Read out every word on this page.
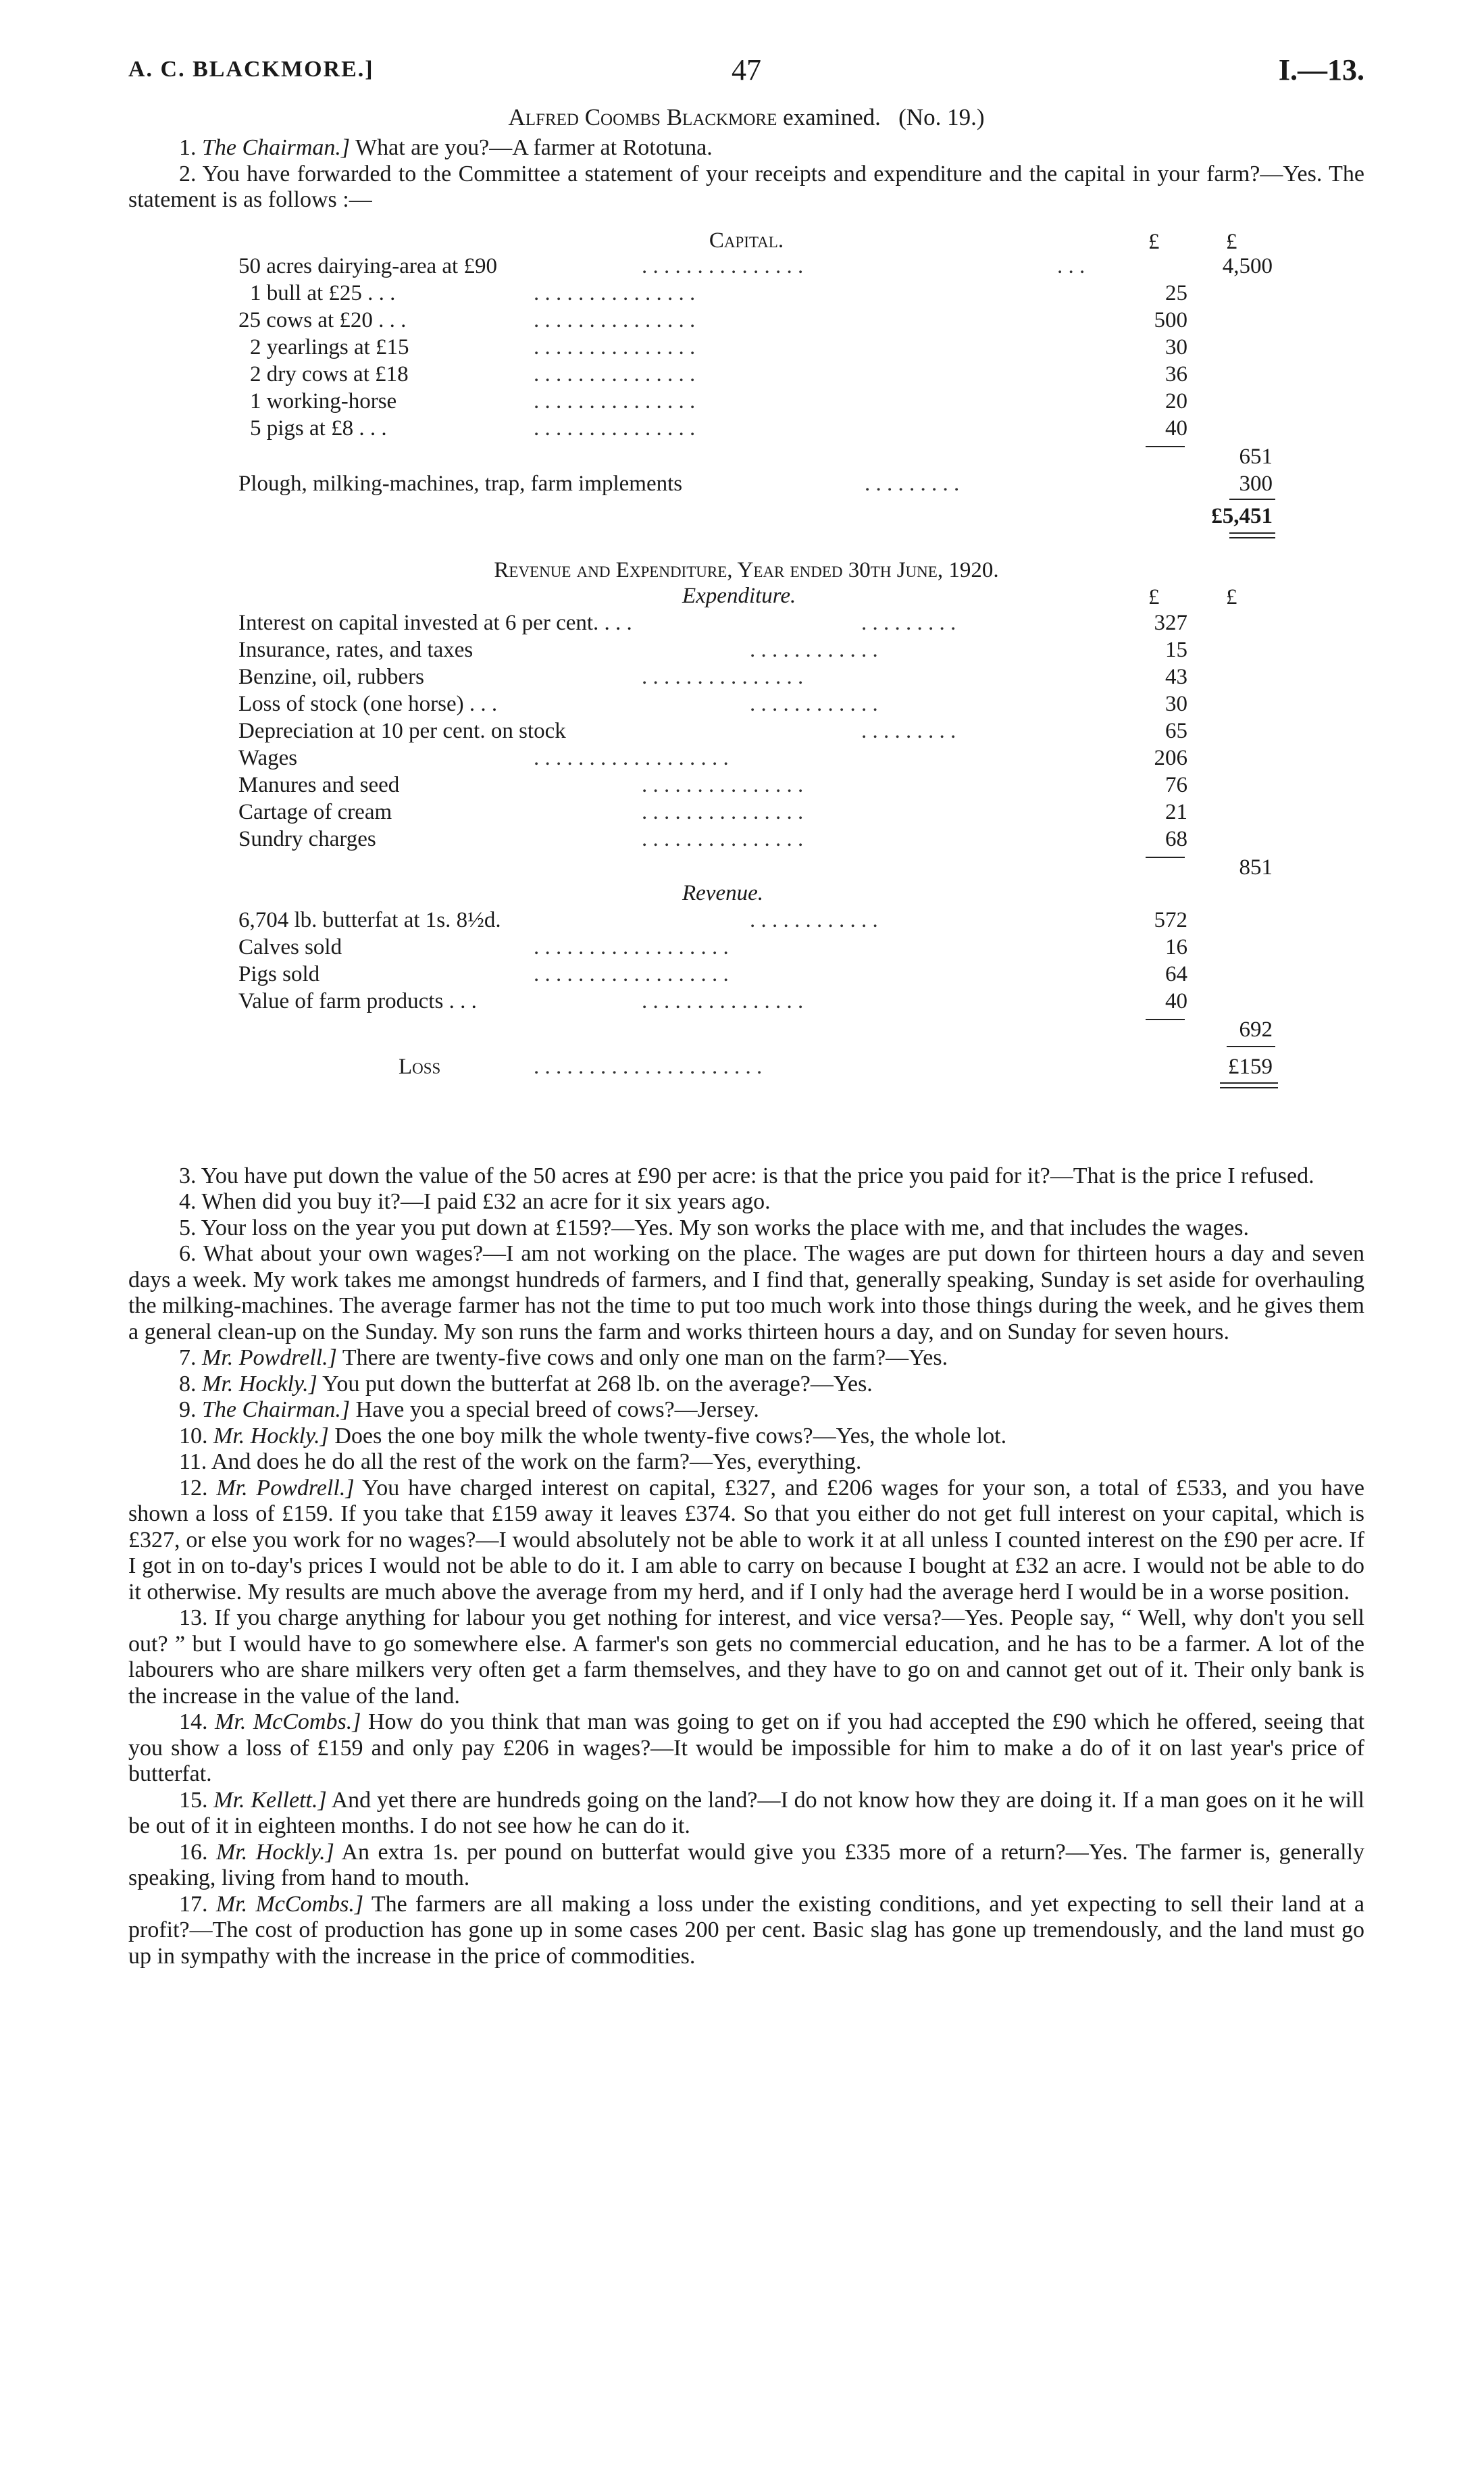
A. C. BLACKMORE.]	47	I.—13.
Alfred Coombs Blackmore examined. (No. 19.)

1. The Chairman.] What are you?—A farmer at Rototuna.

2. You have forwarded to the Committee a statement of your receipts and expenditure and the capital in your farm?—Yes. The statement is as follows :—

Capital.	£	£
50 acres dairying-area at £90	. . . . . . . . . . . . . . .	. . .	4,500
1 bull at £25 . . .	. . . . . . . . . . . . . . .	25
25 cows at £20 . . .	. . . . . . . . . . . . . . .	500
2 yearlings at £15	. . . . . . . . . . . . . . .	30
2 dry cows at £18	. . . . . . . . . . . . . . .	36
1 working-horse	. . . . . . . . . . . . . . .	20
5 pigs at £8 . . .	. . . . . . . . . . . . . . .	40
651
Plough, milking-machines, trap, farm implements	. . . . . . . . .	300
£5,451
Revenue and Expenditure, Year ended 30th June, 1920.
Expenditure.	£	£
Interest on capital invested at 6 per cent. . . .	. . . . . . . . .	327
Insurance, rates, and taxes	. . . . . . . . . . . .	15
Benzine, oil, rubbers	. . . . . . . . . . . . . . .	43
Loss of stock (one horse) . . .	. . . . . . . . . . . .	30
Depreciation at 10 per cent. on stock	. . . . . . . . .	65
Wages	. . . . . . . . . . . . . . . . . .	206
Manures and seed	. . . . . . . . . . . . . . .	76
Cartage of cream	. . . . . . . . . . . . . . .	21
Sundry charges	. . . . . . . . . . . . . . .	68
851
Revenue.
6,704 lb. butterfat at 1s. 8½d.	. . . . . . . . . . . .	572
Calves sold	. . . . . . . . . . . . . . . . . .	16
Pigs sold	. . . . . . . . . . . . . . . . . .	64
Value of farm products . . .	. . . . . . . . . . . . . . .	40
692
Loss	. . . . . . . . . . . . . . . . . . . . .	£159

3. You have put down the value of the 50 acres at £90 per acre: is that the price you paid for it?—That is the price I refused.

4. When did you buy it?—I paid £32 an acre for it six years ago.

5. Your loss on the year you put down at £159?—Yes. My son works the place with me, and that includes the wages.

6. What about your own wages?—I am not working on the place. The wages are put down for thirteen hours a day and seven days a week. My work takes me amongst hundreds of farmers, and I find that, generally speaking, Sunday is set aside for overhauling the milking-machines. The average farmer has not the time to put too much work into those things during the week, and he gives them a general clean-up on the Sunday. My son runs the farm and works thirteen hours a day, and on Sunday for seven hours.

7. Mr. Powdrell.] There are twenty-five cows and only one man on the farm?—Yes.

8. Mr. Hockly.] You put down the butterfat at 268 lb. on the average?—Yes.

9. The Chairman.] Have you a special breed of cows?—Jersey.

10. Mr. Hockly.] Does the one boy milk the whole twenty-five cows?—Yes, the whole lot.

11. And does he do all the rest of the work on the farm?—Yes, everything.

12. Mr. Powdrell.] You have charged interest on capital, £327, and £206 wages for your son, a total of £533, and you have shown a loss of £159. If you take that £159 away it leaves £374. So that you either do not get full interest on your capital, which is £327, or else you work for no wages?—I would absolutely not be able to work it at all unless I counted interest on the £90 per acre. If I got in on to-day's prices I would not be able to do it. I am able to carry on because I bought at £32 an acre. I would not be able to do it otherwise. My results are much above the average from my herd, and if I only had the average herd I would be in a worse position.

13. If you charge anything for labour you get nothing for interest, and vice versa?—Yes. People say, “ Well, why don't you sell out? ” but I would have to go somewhere else. A farmer's son gets no commercial education, and he has to be a farmer. A lot of the labourers who are share milkers very often get a farm themselves, and they have to go on and cannot get out of it. Their only bank is the increase in the value of the land.

14. Mr. McCombs.] How do you think that man was going to get on if you had accepted the £90 which he offered, seeing that you show a loss of £159 and only pay £206 in wages?—It would be impossible for him to make a do of it on last year's price of butterfat.

15. Mr. Kellett.] And yet there are hundreds going on the land?—I do not know how they are doing it. If a man goes on it he will be out of it in eighteen months. I do not see how he can do it.

16. Mr. Hockly.] An extra 1s. per pound on butterfat would give you £335 more of a return?—Yes. The farmer is, generally speaking, living from hand to mouth.

17. Mr. McCombs.] The farmers are all making a loss under the existing conditions, and yet expecting to sell their land at a profit?—The cost of production has gone up in some cases 200 per cent. Basic slag has gone up tremendously, and the land must go up in sympathy with the increase in the price of commodities.
